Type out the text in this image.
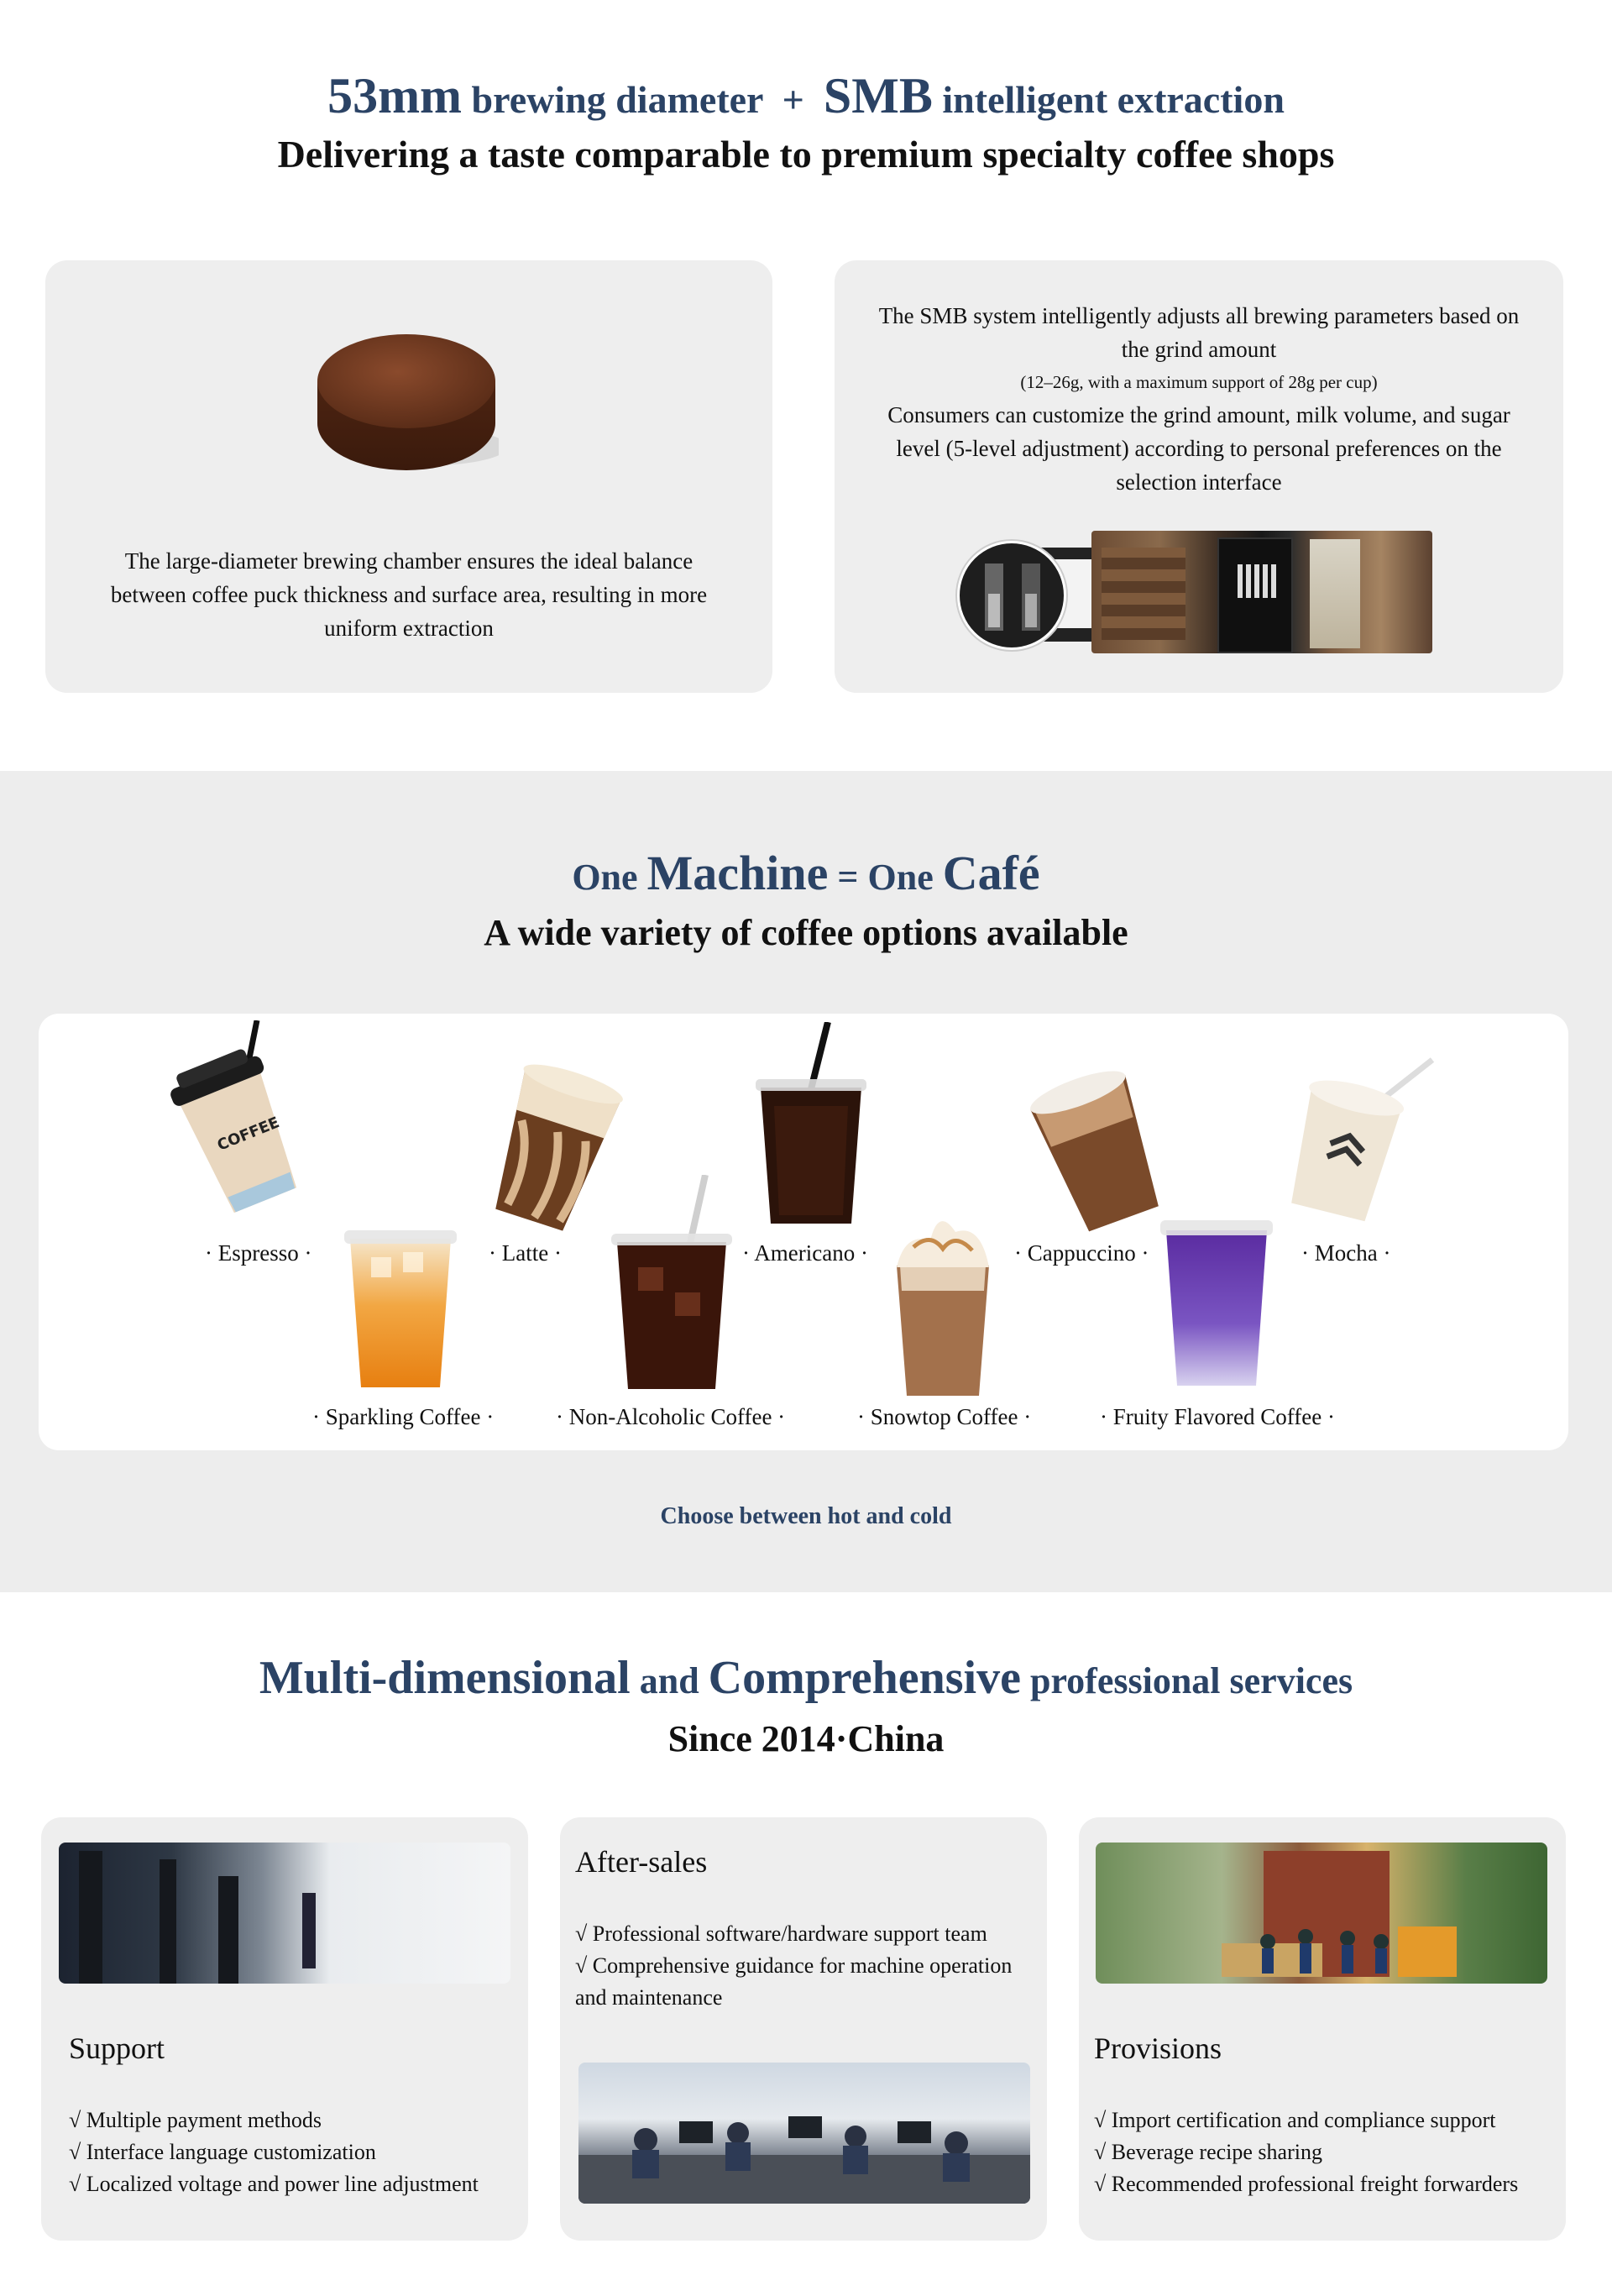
53mm brewing diameter + SMB intelligent extraction
Delivering a taste comparable to premium specialty coffee shops
The large-diameter brewing chamber ensures the ideal balance between coffee puck thickness and surface area, resulting in more uniform extraction
The SMB system intelligently adjusts all brewing parameters based on the grind amount
(12–26g, with a maximum support of 28g per cup)
Consumers can customize the grind amount, milk volume, and sugar level (5-level adjustment) according to personal preferences on the selection interface
One Machine = One Café
A wide variety of coffee options available
COFFEE
· Espresso ·	· Latte ·	· Americano ·	· Cappuccino ·	· Mocha ·
· Sparkling Coffee ·	· Non-Alcoholic Coffee ·	· Snowtop Coffee ·	· Fruity Flavored Coffee ·
Choose between hot and cold
Multi-dimensional and Comprehensive professional services
Since 2014·China
Support
√ Multiple payment methods
√ Interface language customization
√ Localized voltage and power line adjustment
After-sales
√ Professional software/hardware support team
√ Comprehensive guidance for machine operation and maintenance
Provisions
√ Import certification and compliance support
√ Beverage recipe sharing
√ Recommended professional freight forwarders
